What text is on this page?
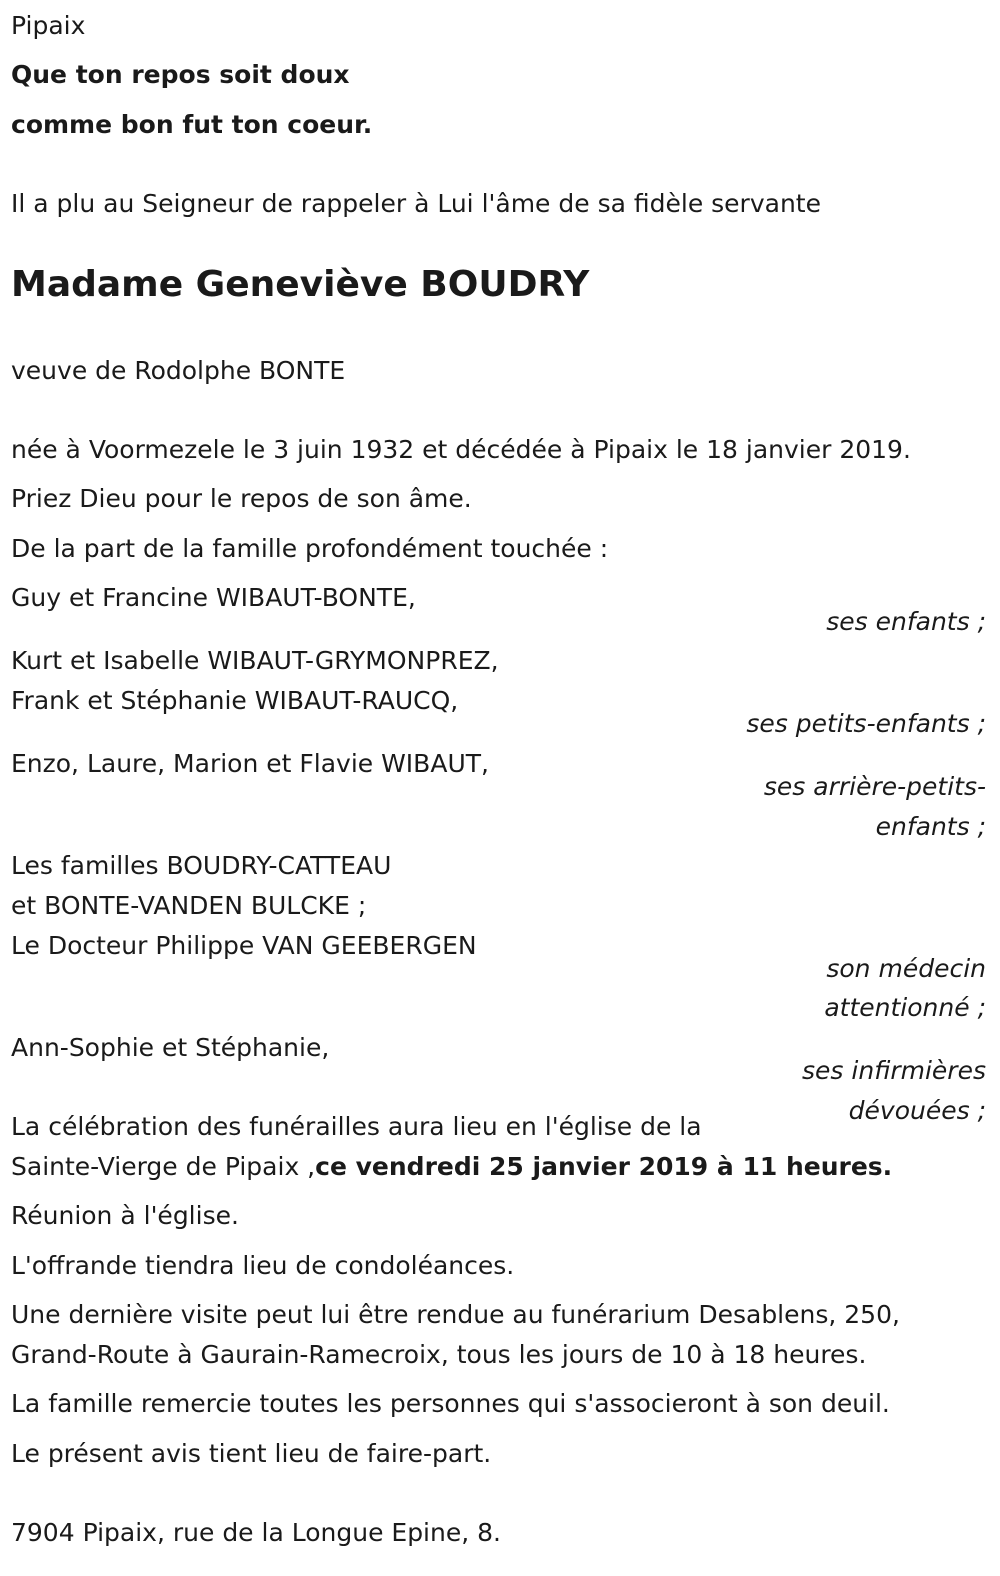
Pipaix
Que ton repos soit doux
comme bon fut ton coeur.
Il a plu au Seigneur de rappeler à Lui l'âme de sa fidèle servante
Madame Geneviève BOUDRY
veuve de Rodolphe BONTE
née à Voormezele le 3 juin 1932 et décédée à Pipaix le 18 janvier 2019.
Priez Dieu pour le repos de son âme.
De la part de la famille profondément touchée :
Guy et Francine WIBAUT-BONTE,
ses enfants ;
Kurt et Isabelle WIBAUT-GRYMONPREZ,
Frank et Stéphanie WIBAUT-RAUCQ,
ses petits-enfants ;
Enzo, Laure, Marion et Flavie WIBAUT,
ses arrière-petits-
enfants ;
Les familles BOUDRY-CATTEAU
et BONTE-VANDEN BULCKE ;
Le Docteur Philippe VAN GEEBERGEN
son médecin
attentionné ;
Ann-Sophie et Stéphanie,
ses infirmières
dévouées ;
La célébration des funérailles aura lieu en l'église de la
Sainte-Vierge de Pipaix ,ce vendredi 25 janvier 2019 à 11 heures.
Réunion à l'église.
L'offrande tiendra lieu de condoléances.
Une dernière visite peut lui être rendue au funérarium Desablens, 250,
Grand-Route à Gaurain-Ramecroix, tous les jours de 10 à 18 heures.
La famille remercie toutes les personnes qui s'associeront à son deuil.
Le présent avis tient lieu de faire-part.
7904 Pipaix, rue de la Longue Epine, 8.
